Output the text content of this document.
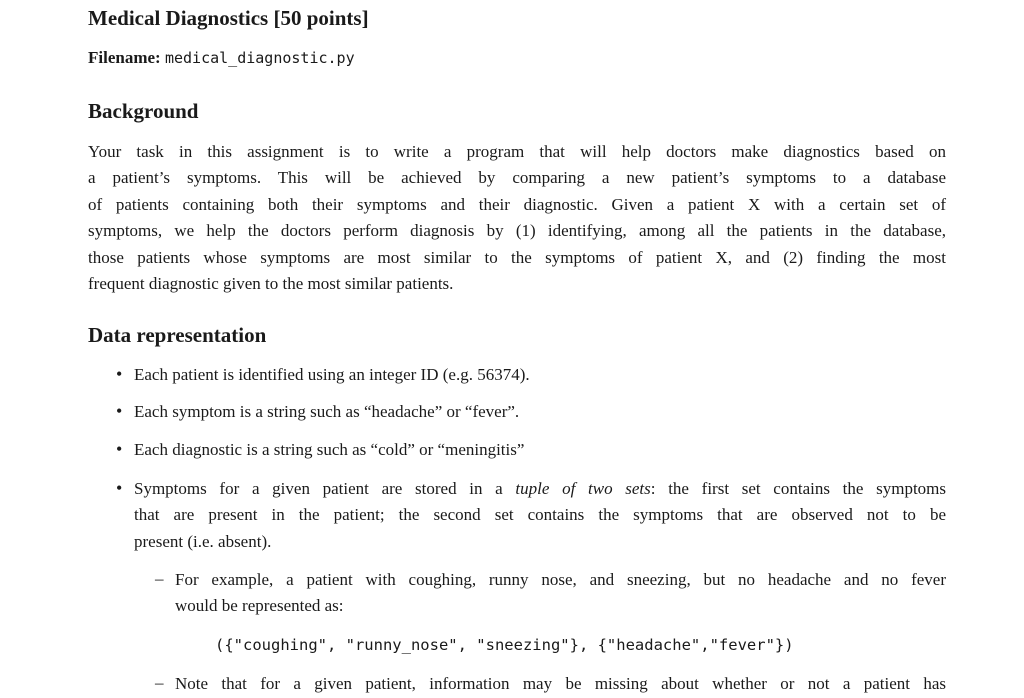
Medical Diagnostics [50 points]
Filename: medical_diagnostic.py
Background
Your task in this assignment is to write a program that will help doctors make diagnostics based on
a patient’s symptoms. This will be achieved by comparing a new patient’s symptoms to a database
of patients containing both their symptoms and their diagnostic. Given a patient X with a certain set of
symptoms, we help the doctors perform diagnosis by (1) identifying, among all the patients in the database,
those patients whose symptoms are most similar to the symptoms of patient X, and (2) finding the most
frequent diagnostic given to the most similar patients.
Data representation
• Each patient is identified using an integer ID (e.g. 56374).
• Each symptom is a string such as “headache” or “fever”.
• Each diagnostic is a string such as “cold” or “meningitis”
• Symptoms for a given patient are stored in a tuple of two sets: the first set contains the symptoms
that are present in the patient; the second set contains the symptoms that are observed not to be
present (i.e. absent).
– For example, a patient with coughing, runny nose, and sneezing, but no headache and no fever
would be represented as:
({"coughing", "runny_nose", "sneezing"}, {"headache","fever"})
– Note that for a given patient, information may be missing about whether or not a patient has
